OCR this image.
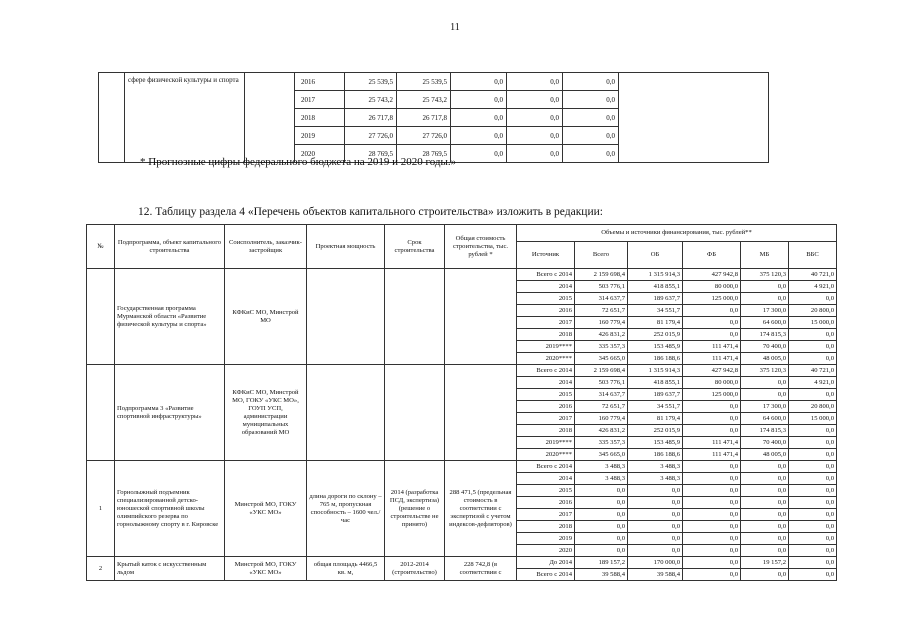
11
	сфере физической культуры и спорта		2016	25 539,5	25 539,5	0,0	0,0	0,0	
			2017	25 743,2	25 743,2	0,0	0,0	0,0	
			2018	26 717,8	26 717,8	0,0	0,0	0,0	
			2019	27 726,0	27 726,0	0,0	0,0	0,0	
			2020	28 769,5	28 769,5	0,0	0,0	0,0	
* Прогнозные цифры федерального бюджета на 2019 и 2020 годы.»
12. Таблицу раздела 4 «Перечень объектов капитального строительства» изложить в редакции:
№	Подпрограмма, объект капитального строительства	Соисполнитель, заказчик-застройщик	Проектная мощность	Срок строительства	Общая стоимость строительства, тыс. рублей *	Объемы и источники финансирования, тыс. рублей**					
						Источник	Всего	ОБ	ФБ	МБ	ВБС
	Государственная программа Мурманской области «Развитие физической культуры и спорта»	КФКиС МО, Минстрой МО				Всего с 2014	2 159 698,4	1 315 914,3	427 942,8	375 120,3	40 721,0
						2014	503 776,1	418 855,1	80 000,0	0,0	4 921,0
						2015	314 637,7	189 637,7	125 000,0	0,0	0,0
						2016	72 651,7	34 551,7	0,0	17 300,0	20 800,0
						2017	160 779,4	81 179,4	0,0	64 600,0	15 000,0
						2018	426 831,2	252 015,9	0,0	174 815,3	0,0
						2019****	335 357,3	153 485,9	111 471,4	70 400,0	0,0
						2020****	345 665,0	186 188,6	111 471,4	48 005,0	0,0
	Подпрограмма 3 «Развитие спортивной инфраструктуры»	КФКиС МО, Минстрой МО, ГОКУ «УКС МО», ГОУП УСП, администрации муниципальных образований МО				Всего с 2014	2 159 698,4	1 315 914,3	427 942,8	375 120,3	40 721,0
						2014	503 776,1	418 855,1	80 000,0	0,0	4 921,0
						2015	314 637,7	189 637,7	125 000,0	0,0	0,0
						2016	72 651,7	34 551,7	0,0	17 300,0	20 800,0
						2017	160 779,4	81 179,4	0,0	64 600,0	15 000,0
						2018	426 831,2	252 015,9	0,0	174 815,3	0,0
						2019****	335 357,3	153 485,9	111 471,4	70 400,0	0,0
						2020****	345 665,0	186 188,6	111 471,4	48 005,0	0,0
1	Горнолыжный подъемник специализированной детско-юношеской спортивной школы олимпийского резерва по горнолыжному спорту в г. Кировске	Минстрой МО, ГОКУ «УКС МО»	длина дороги по склону – 765 м, пропускная способность – 1600 чел./час	2014 (разработка ПСД, экспертиза) (решение о строительстве не принято)	288 471,5 (предельная стоимость в соответствии с экспертизой с учетом индексов-дефляторов)	Всего с 2014	3 488,3	3 488,3	0,0	0,0	0,0
						2014	3 488,3	3 488,3	0,0	0,0	0,0
						2015	0,0	0,0	0,0	0,0	0,0
						2016	0,0	0,0	0,0	0,0	0,0
						2017	0,0	0,0	0,0	0,0	0,0
						2018	0,0	0,0	0,0	0,0	0,0
						2019	0,0	0,0	0,0	0,0	0,0
						2020	0,0	0,0	0,0	0,0	0,0
2	Крытый каток с искусственным льдом	Минстрой МО, ГОКУ «УКС МО»	общая площадь 4466,5 кв. м,	2012-2014 (строительство)	228 742,8 (в соответствии с	До 2014	189 157,2	170 000,0	0,0	19 157,2	0,0
						Всего с 2014	39 588,4	39 588,4	0,0	0,0	0,0
